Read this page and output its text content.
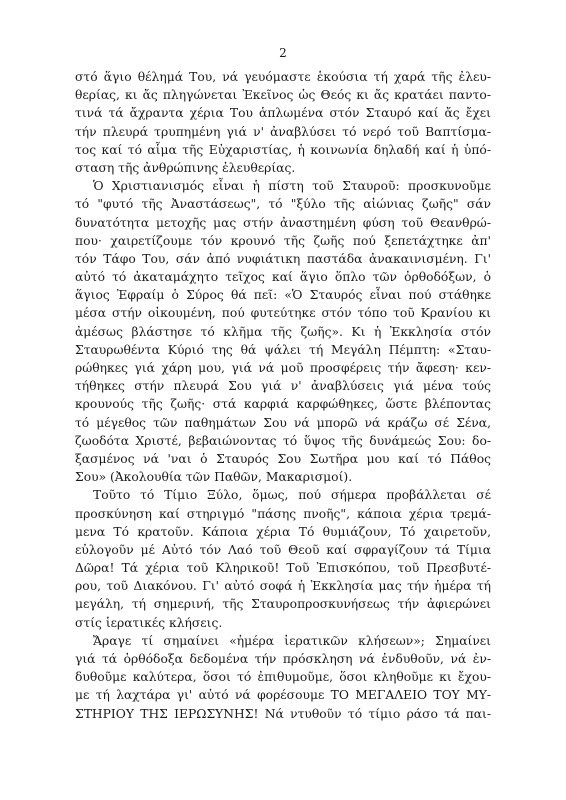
2
στό ἅγιο θέλημά Του, νά γευόμαστε ἑκούσια τή χαρά τῆς ἐλευ-
θερίας, κι ἄς πληγώνεται Ἐκεῖνος ὡς Θεός κι ἄς κρατάει παντο-
τινά τά ἄχραντα χέρια Του ἁπλωμένα στόν Σταυρό καί ἄς ἔχει
τήν πλευρά τρυπημένη γιά ν' ἀναβλύσει τό νερό τοῦ Βαπτίσμα-
τος καί τό αἷμα τῆς Εὐχαριστίας, ἡ κοινωνία δηλαδή καί ἡ ὑπό-
σταση τῆς ἀνθρώπινης ἐλευθερίας.
Ὁ Χριστιανισμός εἶναι ἡ πίστη τοῦ Σταυροῦ: προσκυνοῦμε
τό "φυτό τῆς Ἀναστάσεως", τό "ξύλο τῆς αἰώνιας ζωῆς" σάν
δυνατότητα μετοχῆς μας στήν ἀναστημένη φύση τοῦ Θεανθρώ-
που· χαιρετίζουμε τόν κρουνό τῆς ζωῆς πού ξεπετάχτηκε ἀπ'
τόν Τάφο Του, σάν ἀπό νυφιάτικη παστάδα ἀνακαινισμένη. Γι'
αὐτό τό ἀκαταμάχητο τεῖχος καί ἅγιο ὅπλο τῶν ὀρθοδόξων, ὁ
ἅγιος Ἐφραίμ ὁ Σύρος θά πεῖ: «Ὁ Σταυρός εἶναι πού στάθηκε
μέσα στήν οἰκουμένη, πού φυτεύτηκε στόν τόπο τοῦ Κρανίου κι
ἀμέσως βλάστησε τό κλῆμα τῆς ζωῆς». Κι ἡ Ἐκκλησία στόν
Σταυρωθέντα Κύριό της θά ψάλει τή Μεγάλη Πέμπτη: «Σταυ-
ρώθηκες γιά χάρη μου, γιά νά μοῦ προσφέρεις τήν ἄφεση· κεν-
τήθηκες στήν πλευρά Σου γιά ν' ἀναβλύσεις γιά μένα τούς
κρουνούς τῆς ζωῆς· στά καρφιά καρφώθηκες, ὥστε βλέποντας
τό μέγεθος τῶν παθημάτων Σου νά μπορῶ νά κράζω σέ Σένα,
ζωοδότα Χριστέ, βεβαιώνοντας τό ὕψος τῆς δυνάμεώς Σου: δο-
ξασμένος νά 'ναι ὁ Σταυρός Σου Σωτῆρα μου καί τό Πάθος
Σου» (Ἀκολουθία τῶν Παθῶν, Μακαρισμοί).
Τοῦτο τό Τίμιο Ξύλο, ὅμως, πού σήμερα προβάλλεται σέ
προσκύνηση καί στηριγμό "πάσης πνοῆς", κάποια χέρια τρεμά-
μενα Τό κρατοῦν. Κάποια χέρια Τό θυμιάζουν, Τό χαιρετοῦν,
εὐλογοῦν μέ Αὐτό τόν Λαό τοῦ Θεοῦ καί σφραγίζουν τά Τίμια
Δῶρα! Τά χέρια τοῦ Κληρικοῦ! Τοῦ Ἐπισκόπου, τοῦ Πρεσβυτέ-
ρου, τοῦ Διακόνου. Γι' αὐτό σοφά ἡ Ἐκκλησία μας τήν ἡμέρα τή
μεγάλη, τή σημερινή, τῆς Σταυροπροσκυνήσεως τήν ἀφιερώνει
στίς ἱερατικές κλήσεις.
Ἄραγε τί σημαίνει «ἡμέρα ἱερατικῶν κλήσεων»; Σημαίνει
γιά τά ὀρθόδοξα δεδομένα τήν πρόσκληση νά ἐνδυθοῦν, νά ἐν-
δυθοῦμε καλύτερα, ὅσοι τό ἐπιθυμοῦμε, ὅσοι κληθοῦμε κι ἔχου-
με τή λαχτάρα γι' αὐτό νά φορέσουμε ΤΟ ΜΕΓΑΛΕΙΟ ΤΟΥ ΜΥ-
ΣΤΗΡΙΟΥ ΤΗΣ ΙΕΡΩΣΥΝΗΣ! Νά ντυθοῦν τό τίμιο ράσο τά παι-
